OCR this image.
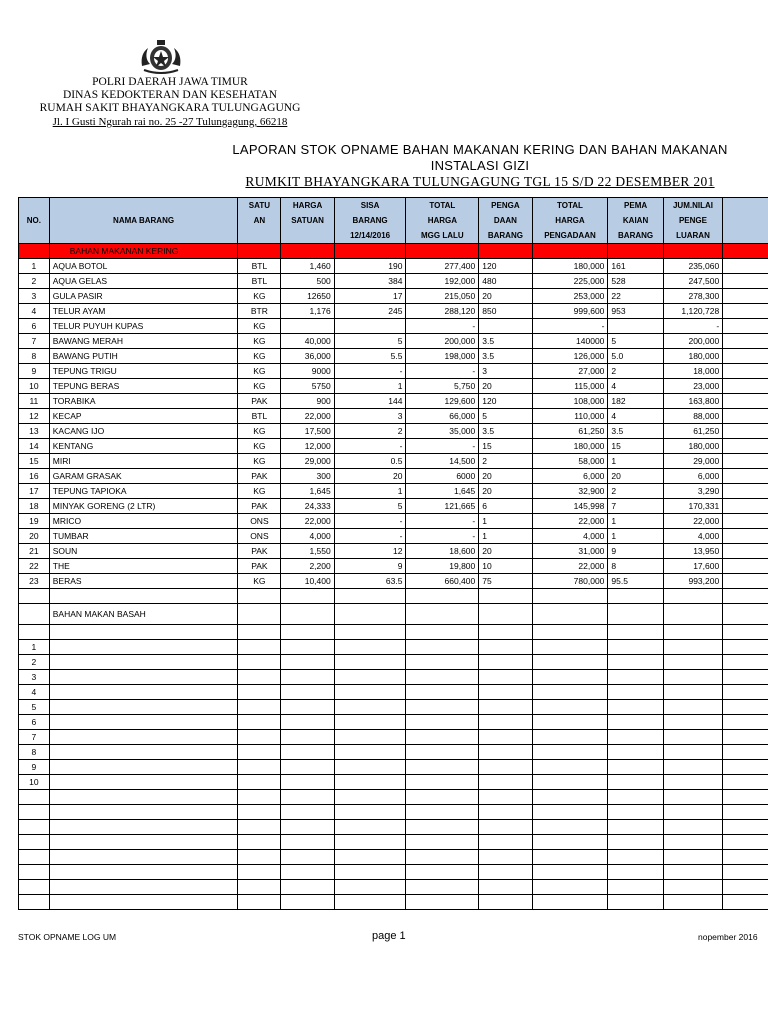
POLRI DAERAH JAWA TIMUR
DINAS KEDOKTERAN DAN KESEHATAN
RUMAH SAKIT BHAYANGKARA TULUNGAGUNG
Jl. I Gusti Ngurah rai no. 25 -27 Tulungagung, 66218
LAPORAN STOK OPNAME BAHAN MAKANAN KERING DAN BAHAN MAKANAN
INSTALASI GIZI
RUMKIT BHAYANGKARA TULUNGAGUNG TGL 15 S/D 22 DESEMBER 201
		SATU	HARGA	SISA	TOTAL	PENGA	TOTAL	PEMA	JUM.NILAI	
NO.	NAMA BARANG	AN	SATUAN	BARANG	HARGA	DAAN	HARGA	KAIAN	PENGE	
				12/14/2016	MGG LALU	BARANG	PENGADAAN	BARANG	LUARAN	
	BAHAN MAKANAN KERING									
1	AQUA BOTOL	BTL	1,460	190	277,400	120	180,000	161	235,060	
2	AQUA GELAS	BTL	500	384	192,000	480	225,000	528	247,500	
3	GULA PASIR	KG	12650	17	215,050	20	253,000	22	278,300	
4	TELUR AYAM	BTR	1,176	245	288,120	850	999,600	953	1,120,728	
6	TELUR PUYUH KUPAS	KG			-		-		-	
7	BAWANG MERAH	KG	40,000	5	200,000	3.5	140000	5	200,000	
8	BAWANG PUTIH	KG	36,000	5.5	198,000	3.5	126,000	5.0	180,000	
9	TEPUNG TRIGU	KG	9000	-	-	3	27,000	2	18,000	
10	TEPUNG BERAS	KG	5750	1	5,750	20	115,000	4	23,000	
11	TORABIKA	PAK	900	144	129,600	120	108,000	182	163,800	
12	KECAP	BTL	22,000	3	66,000	5	110,000	4	88,000	
13	KACANG IJO	KG	17,500	2	35,000	3.5	61,250	3.5	61,250	
14	KENTANG	KG	12,000	-	-	15	180,000	15	180,000	
15	MIRI	KG	29,000	0.5	14,500	2	58,000	1	29,000	
16	GARAM GRASAK	PAK	300	20	6000	20	6,000	20	6,000	
17	TEPUNG TAPIOKA	KG	1,645	1	1,645	20	32,900	2	3,290	
18	MINYAK GORENG (2 LTR)	PAK	24,333	5	121,665	6	145,998	7	170,331	
19	MRICO	ONS	22,000	-	-	1	22,000	1	22,000	
20	TUMBAR	ONS	4,000	-	-	1	4,000	1	4,000	
21	SOUN	PAK	1,550	12	18,600	20	31,000	9	13,950	
22	THE	PAK	2,200	9	19,800	10	22,000	8	17,600	
23	BERAS	KG	10,400	63.5	660,400	75	780,000	95.5	993,200	

	BAHAN MAKAN BASAH									

1										
2										
3										
4										
5										
6										
7										
8										
9										
10										

STOK OPNAME LOG UM	page 1	nopember 2016
